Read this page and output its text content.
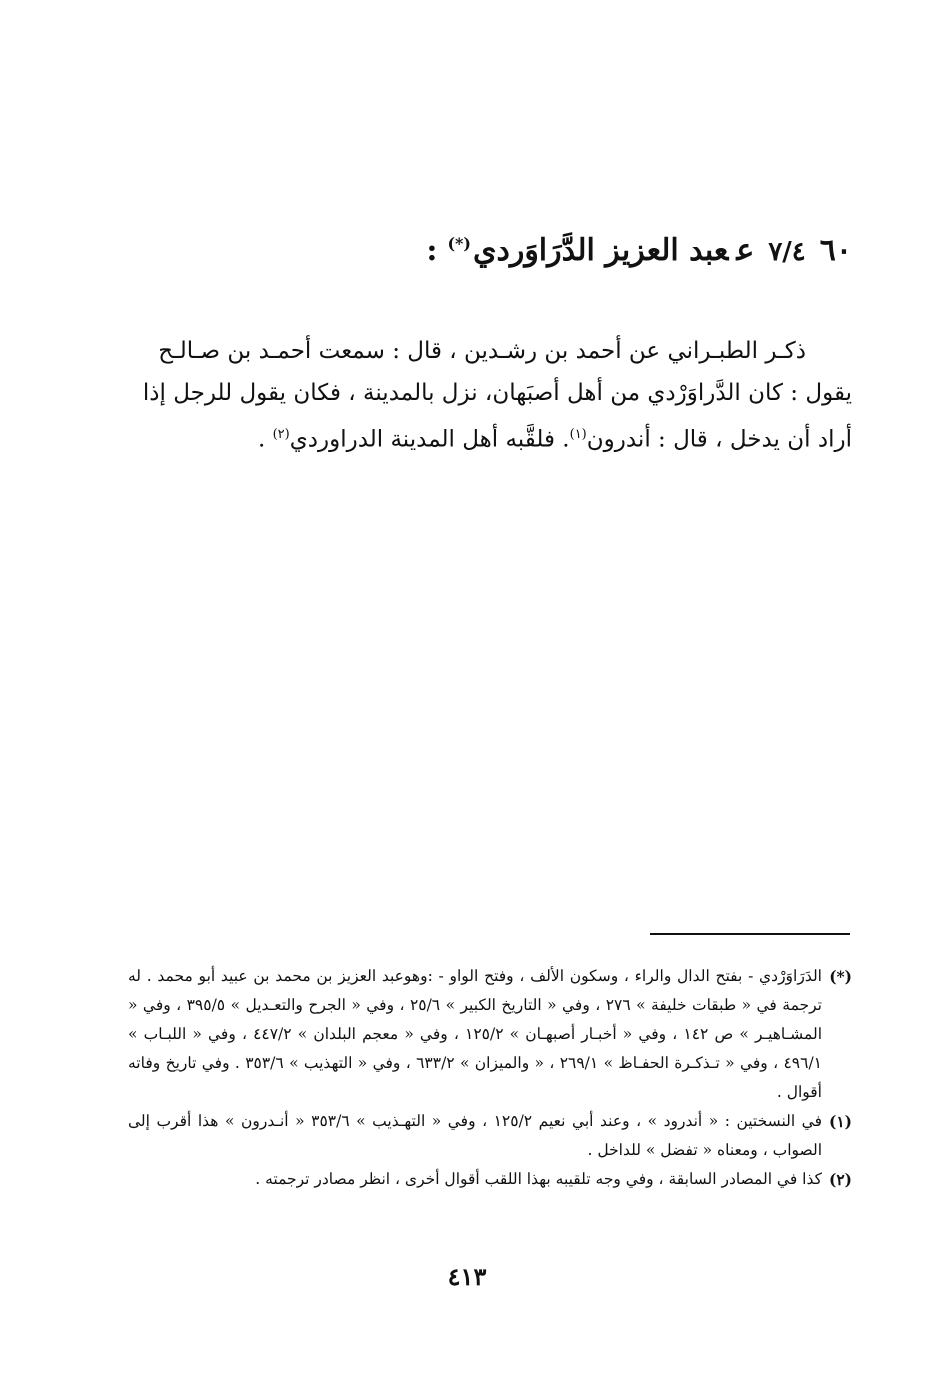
٦٠٧/٤ععبد العزيز الدَّرَاوَردي(*):

ذكـر الطبـراني عن أحمد بن رشـدين ، قال : سمعت أحمـد بن صـالـح

يقول : كان الدَّراوَرْدي من أهل أصبَهان، نزل بالمدينة ، فكان يقول للرجل إذا

أراد أن يدخل ، قال : أندرون$^{(١)}$. فلقَّبه أهل المدينة الدراوردي$^{(٢)}$ .

(*)
الدَرَاوَرْدي - بفتح الدال والراء ، وسكون الألف ، وفتح الواو - :وهوعبد العزيز بن محمد بن عبيد أبو محمد . له ترجمة في « طبقات خليفة » ٢٧٦ ، وفي « التاريخ الكبير » ٢٥/٦ ، وفي « الجرح والتعـديل » ٣٩٥/٥ ، وفي « المشـاهيـر » ص ١٤٢ ، وفي « أخبـار أصبهـان » ١٢٥/٢ ، وفي « معجم البلدان » ٤٤٧/٢ ، وفي « اللبـاب » ٤٩٦/١ ، وفي « تـذكـرة الحفـاظ » ٢٦٩/١ ، « والميزان » ٦٣٣/٢ ، وفي « التهذيب » ٣٥٣/٦ . وفي تاريخ وفاته أقوال .

(١)
في النسختين : « أندرود » ، وعند أبي نعيم ١٢٥/٢ ، وفي « التهـذيب » ٣٥٣/٦ « أنـدرون » هذا أقرب إلى الصواب ، ومعناه « تفضل » للداخل .

(٢)
كذا في المصادر السابقة ، وفي وجه تلقيبه بهذا اللقب أقوال أخرى ، انظر مصادر ترجمته .

٤١٣
